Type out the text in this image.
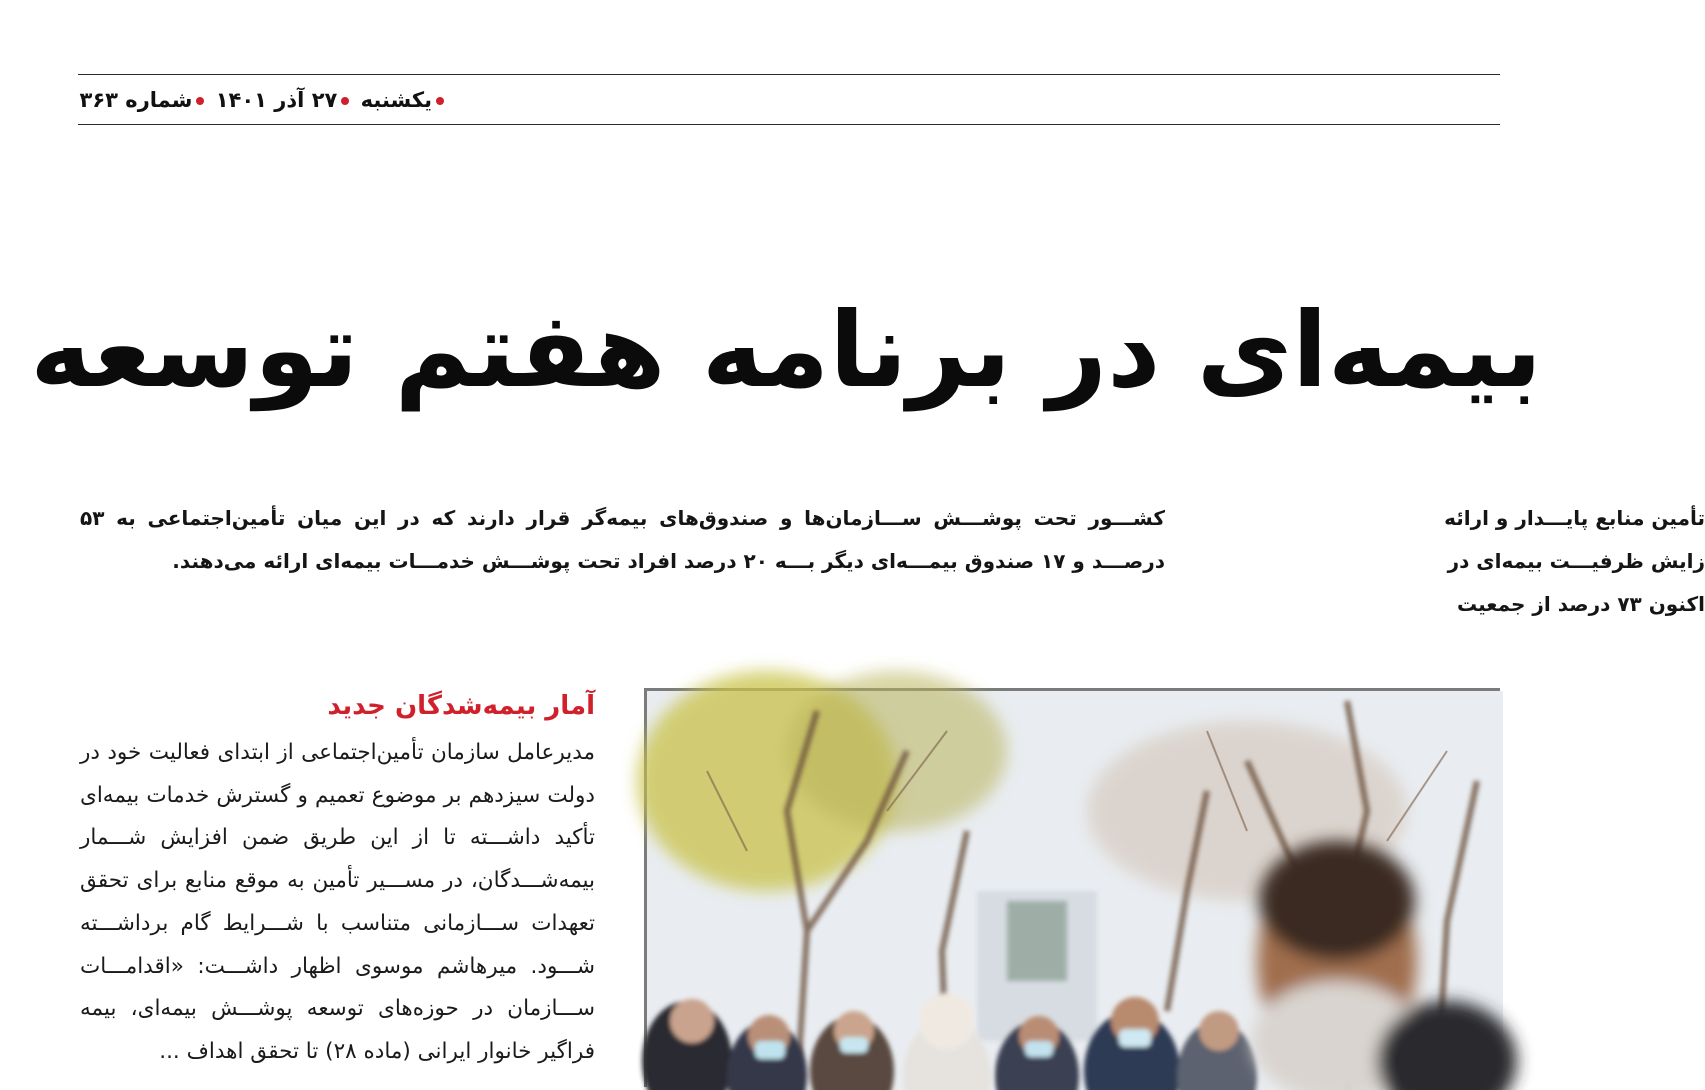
یکشنبه ۲۷ آذر ۱۴۰۱ شماره ۳۶۳
بیمه‌ای در برنامه هفتم توسعه
کشـــور تحت پوشـــش ســـازمان‌ها و صندوق‌های بیمه‌گر قرار دارند که در این میان تأمین‌اجتماعی به ۵۳ درصـــد و ۱۷ صندوق بیمـــه‌ای دیگر بـــه ۲۰ درصد افراد تحت پوشـــش خدمـــات بیمه‌ای ارائه می‌دهند.
تأمین منابع پایـــدار و ارائه
زایش ظرفیـــت بیمه‌ای در
اکنون ۷۳ درصد از جمعیت
آمار بیمه‌شدگان جدید
مدیرعامل سازمان تأمین‌اجتماعی از ابتدای فعالیت خود در دولت سیزدهم بر موضوع تعمیم و گسترش خدمات بیمه‌ای تأکید داشـــته تا از این طریق ضمن افزایش شـــمار بیمه‌شـــدگان، در مســـیر تأمین به موقع منابع برای تحقق تعهدات ســـازمانی متناسب با شـــرایط گام برداشـــته شـــود. میرهاشم موسوی اظهار داشـــت: «اقدامـــات ســـازمان در حوزه‌های توسعه پوشـــش بیمه‌ای، بیمه فراگیر خانوار ایرانی (ماده ۲۸) تا تحقق اهداف ...
